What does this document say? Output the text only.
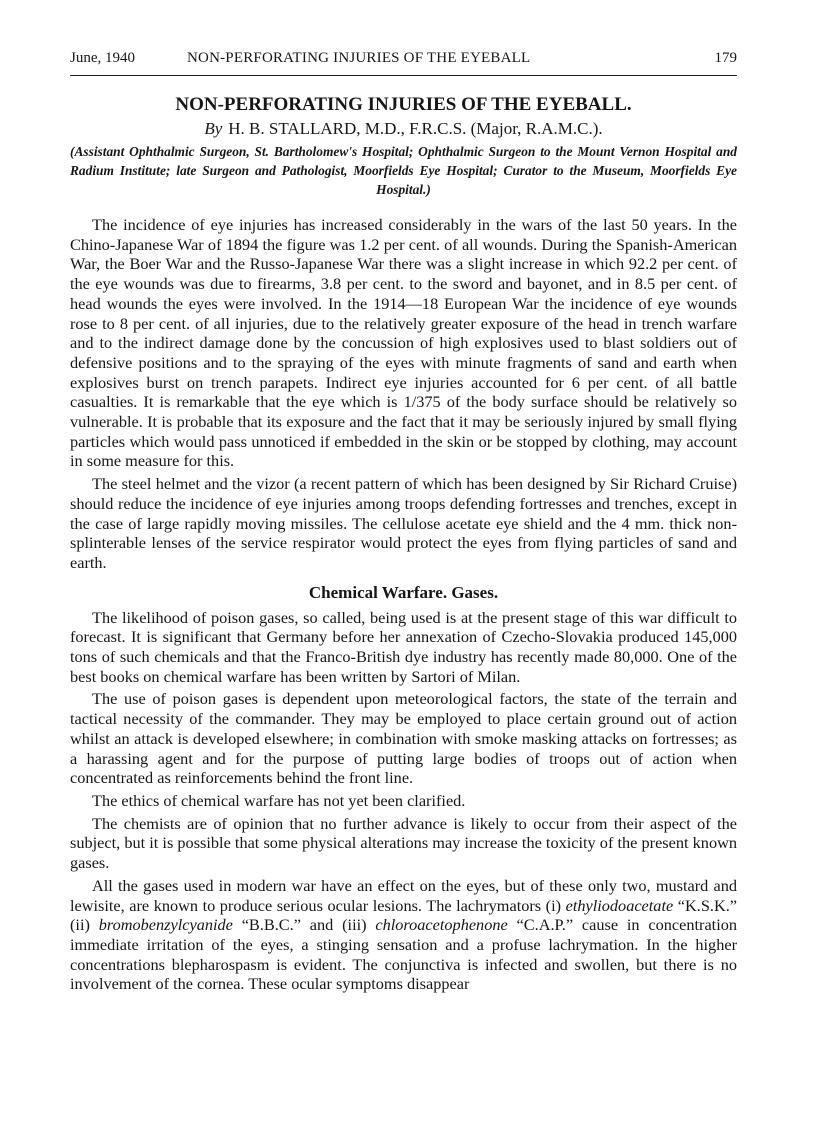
June, 1940	NON-PERFORATING INJURIES OF THE EYEBALL	179
NON-PERFORATING INJURIES OF THE EYEBALL.
By H. B. STALLARD, M.D., F.R.C.S. (Major, R.A.M.C.).
(Assistant Ophthalmic Surgeon, St. Bartholomew's Hospital; Ophthalmic Surgeon to the Mount Vernon Hospital and Radium Institute; late Surgeon and Pathologist, Moorfields Eye Hospital; Curator to the Museum, Moorfields Eye Hospital.)

The incidence of eye injuries has increased considerably in the wars of the last 50 years. In the Chino-Japanese War of 1894 the figure was 1.2 per cent. of all wounds. During the Spanish-American War, the Boer War and the Russo-Japanese War there was a slight increase in which 92.2 per cent. of the eye wounds was due to firearms, 3.8 per cent. to the sword and bayonet, and in 8.5 per cent. of head wounds the eyes were involved. In the 1914—18 European War the incidence of eye wounds rose to 8 per cent. of all injuries, due to the relatively greater exposure of the head in trench warfare and to the indirect damage done by the concussion of high explosives used to blast soldiers out of defensive positions and to the spraying of the eyes with minute fragments of sand and earth when explosives burst on trench parapets. Indirect eye injuries accounted for 6 per cent. of all battle casualties. It is remarkable that the eye which is 1/375 of the body surface should be relatively so vulnerable. It is probable that its exposure and the fact that it may be seriously injured by small flying particles which would pass unnoticed if embedded in the skin or be stopped by clothing, may account in some measure for this.

The steel helmet and the vizor (a recent pattern of which has been designed by Sir Richard Cruise) should reduce the incidence of eye injuries among troops defending fortresses and trenches, except in the case of large rapidly moving missiles. The cellulose acetate eye shield and the 4 mm. thick non-splinterable lenses of the service respirator would protect the eyes from flying particles of sand and earth.

Chemical Warfare. Gases.

The likelihood of poison gases, so called, being used is at the present stage of this war difficult to forecast. It is significant that Germany before her annexation of Czecho-Slovakia produced 145,000 tons of such chemicals and that the Franco-British dye industry has recently made 80,000. One of the best books on chemical warfare has been written by Sartori of Milan.

The use of poison gases is dependent upon meteorological factors, the state of the terrain and tactical necessity of the commander. They may be employed to place certain ground out of action whilst an attack is developed elsewhere; in combination with smoke masking attacks on fortresses; as a harassing agent and for the purpose of putting large bodies of troops out of action when concentrated as reinforcements behind the front line.

The ethics of chemical warfare has not yet been clarified.

The chemists are of opinion that no further advance is likely to occur from their aspect of the subject, but it is possible that some physical alterations may increase the toxicity of the present known gases.

All the gases used in modern war have an effect on the eyes, but of these only two, mustard and lewisite, are known to produce serious ocular lesions. The lachrymators (i) ethyliodoacetate “K.S.K.” (ii) bromobenzylcyanide “B.B.C.” and (iii) chloroacetophenone “C.A.P.” cause in concentration immediate irritation of the eyes, a stinging sensation and a profuse lachrymation. In the higher concentrations blepharospasm is evident. The conjunctiva is infected and swollen, but there is no involvement of the cornea. These ocular symptoms disappear
